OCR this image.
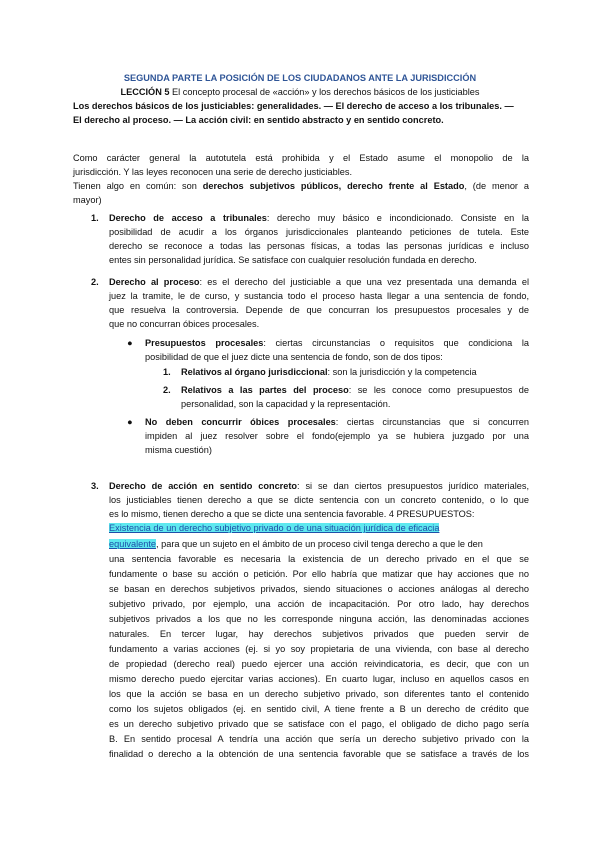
SEGUNDA PARTE LA POSICIÓN DE LOS CIUDADANOS ANTE LA JURISDICCIÓN
LECCIÓN 5 El concepto procesal de «acción» y los derechos básicos de los justiciables
Los derechos básicos de los justiciables: generalidades. — El derecho de acceso a los tribunales. —
El derecho al proceso. — La acción civil: en sentido abstracto y en sentido concreto.
Como carácter general la autotutela está prohibida y el Estado asume el monopolio de la
jurisdicción. Y las leyes reconocen una serie de derecho justiciables.
Tienen algo en común: son derechos subjetivos públicos, derecho frente al Estado, (de menor a
mayor)
1. Derecho de acceso a tribunales: derecho muy básico e incondicionado. Consiste en la
posibilidad de acudir a los órganos jurisdiccionales planteando peticiones de tutela. Este
derecho se reconoce a todas las personas físicas, a todas las personas jurídicas e incluso
entes sin personalidad jurídica. Se satisface con cualquier resolución fundada en derecho.
2. Derecho al proceso: es el derecho del justiciable a que una vez presentada una demanda el
juez la tramite, le de curso, y sustancia todo el proceso hasta llegar a una sentencia de fondo,
que resuelva la controversia. Depende de que concurran los presupuestos procesales y de
que no concurran óbices procesales.
● Presupuestos procesales: ciertas circunstancias o requisitos que condiciona la
posibilidad de que el juez dicte una sentencia de fondo, son de dos tipos:
1. Relativos al órgano jurisdiccional: son la jurisdicción y la competencia
2. Relativos a las partes del proceso: se les conoce como presupuestos de
personalidad, son la capacidad y la representación.
● No deben concurrir óbices procesales: ciertas circunstancias que si concurren
impiden al juez resolver sobre el fondo(ejemplo ya se hubiera juzgado por una
misma cuestión)
3. Derecho de acción en sentido concreto: si se dan ciertos presupuestos jurídico materiales,
los justiciables tienen derecho a que se dicte sentencia con un concreto contenido, o lo que
es lo mismo, tienen derecho a que se dicte una sentencia favorable. 4 PRESUPUESTOS:
Existencia de un derecho subjetivo privado o de una situación jurídica de eficacia
equivalente, para que un sujeto en el ámbito de un proceso civil tenga derecho a que le den
una sentencia favorable es necesaria la existencia de un derecho privado en el que se
fundamente o base su acción o petición. Por ello habría que matizar que hay acciones que no
se basan en derechos subjetivos privados, siendo situaciones o acciones análogas al derecho
subjetivo privado, por ejemplo, una acción de incapacitación. Por otro lado, hay derechos
subjetivos privados a los que no les corresponde ninguna acción, las denominadas acciones
naturales. En tercer lugar, hay derechos subjetivos privados que pueden servir de
fundamento a varias acciones (ej. si yo soy propietaria de una vivienda, con base al derecho
de propiedad (derecho real) puedo ejercer una acción reivindicatoria, es decir, que con un
mismo derecho puedo ejercitar varias acciones). En cuarto lugar, incluso en aquellos casos en
los que la acción se basa en un derecho subjetivo privado, son diferentes tanto el contenido
como los sujetos obligados (ej. en sentido civil, A tiene frente a B un derecho de crédito que
es un derecho subjetivo privado que se satisface con el pago, el obligado de dicho pago sería
B. En sentido procesal A tendría una acción que sería un derecho subjetivo privado con la
finalidad o derecho a la obtención de una sentencia favorable que se satisface a través de los
